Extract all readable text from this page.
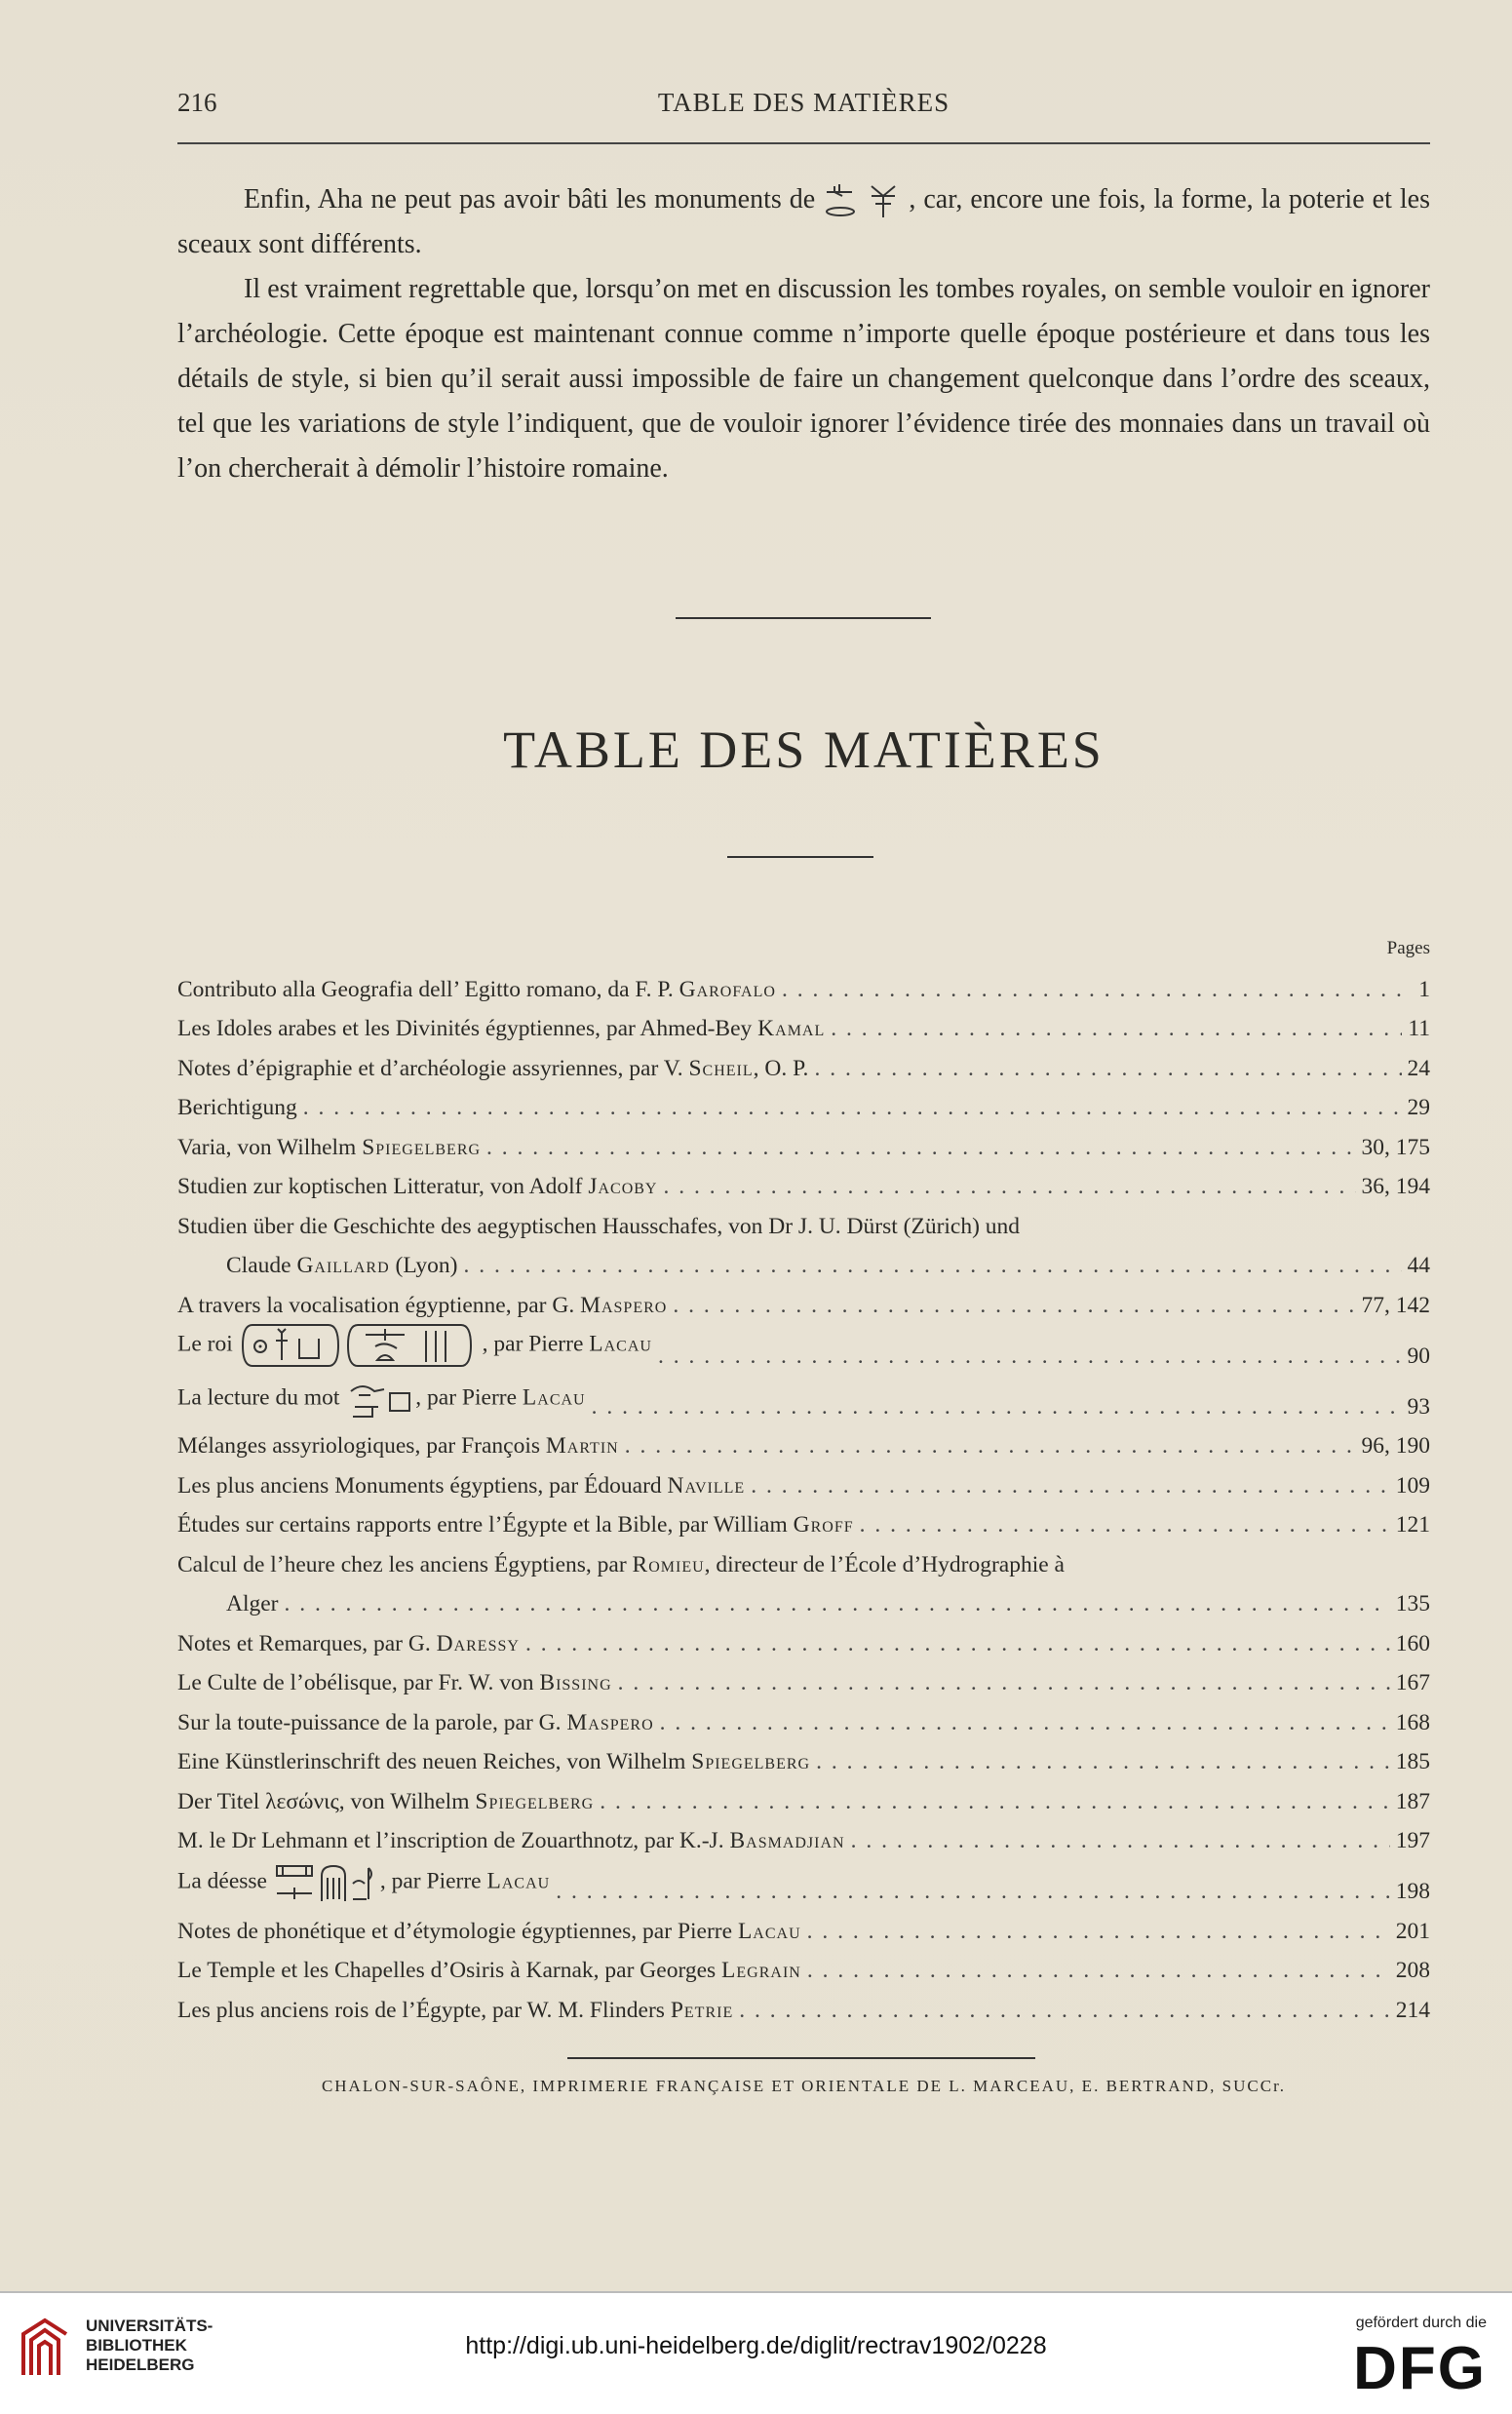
216	TABLE DES MATIÈRES

Enfin, Aha ne peut pas avoir bâti les monuments de	, car, encore une fois, la forme, la poterie et les sceaux sont différents.

Il est vraiment regrettable que, lorsqu’on met en discussion les tombes royales, on semble vouloir en ignorer l’archéologie. Cette époque est maintenant connue comme n’importe quelle époque postérieure et dans tous les détails de style, si bien qu’il serait aussi impossible de faire un changement quelconque dans l’ordre des sceaux, tel que les variations de style l’indiquent, que de vouloir ignorer l’évidence tirée des monnaies dans un travail où l’on chercherait à démolir l’histoire romaine.

TABLE DES MATIÈRES
Pages
Contributo alla Geografia dell’ Egitto romano, da F. P. Garofalo . . .	1
Les Idoles arabes et les Divinités égyptiennes, par Ahmed-Bey Kamal . . .	11
Notes d’épigraphie et d’archéologie assyriennes, par V. Scheil, O. P. . . .	24
Berichtigung . . .	29
Varia, von Wilhelm Spiegelberg . . .	30, 175
Studien zur koptischen Litteratur, von Adolf Jacoby . . .	36, 194
Studien über die Geschichte des aegyptischen Hausschafes, von Dr J. U. Dürst (Zürich) und
Claude Gaillard (Lyon) . . .	44
A travers la vocalisation égyptienne, par G. Maspero . . .	77, 142
Le roi	, par Pierre Lacau . . .	90
La lecture du mot	, par Pierre Lacau . . .	93
Mélanges assyriologiques, par François Martin . . .	96, 190
Les plus anciens Monuments égyptiens, par Édouard Naville . . .	109
Études sur certains rapports entre l’Égypte et la Bible, par William Groff . . .	121
Calcul de l’heure chez les anciens Égyptiens, par Romieu, directeur de l’École d’Hydrographie à
Alger . . .	135
Notes et Remarques, par G. Daressy . . .	160
Le Culte de l’obélisque, par Fr. W. von Bissing . . .	167
Sur la toute-puissance de la parole, par G. Maspero . . .	168
Eine Künstlerinschrift des neuen Reiches, von Wilhelm Spiegelberg . . .	185
Der Titel λεσώνις, von Wilhelm Spiegelberg . . .	187
M. le Dr Lehmann et l’inscription de Zouarthnotz, par K.-J. Basmadjian . . .	197
La déesse	, par Pierre Lacau . . .	198
Notes de phonétique et d’étymologie égyptiennes, par Pierre Lacau . . .	201
Le Temple et les Chapelles d’Osiris à Karnak, par Georges Legrain . . .	208
Les plus anciens rois de l’Égypte, par W. M. Flinders Petrie . . .	214
CHALON-SUR-SAÔNE, IMPRIMERIE FRANÇAISE ET ORIENTALE DE L. MARCEAU, E. BERTRAND, SUCCr.
UNIVERSITÄTS-
BIBLIOTHEK
HEIDELBERG
http://digi.ub.uni-heidelberg.de/diglit/rectrav1902/0228
gefördert durch die
DFG
